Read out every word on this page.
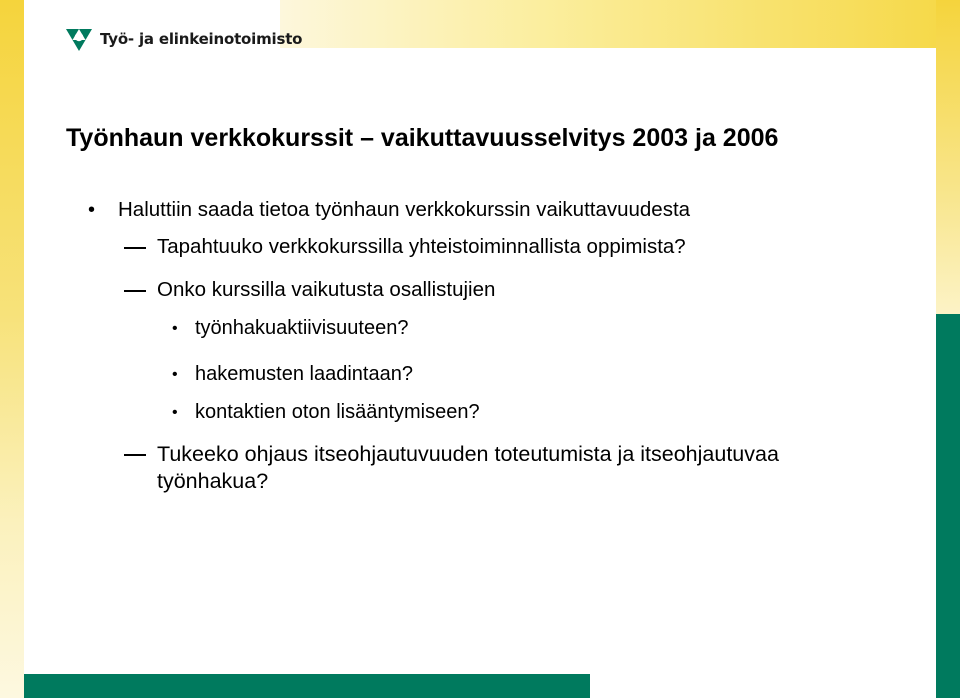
Työ- ja elinkeinotoimisto
Työnhaun verkkokurssit – vaikuttavuusselvitys 2003 ja 2006
• Haluttiin saada tietoa työnhaun verkkokurssin vaikuttavuudesta
Tapahtuuko verkkokurssilla yhteistoiminnallista oppimista?
Onko kurssilla vaikutusta osallistujien
• työnhakuaktiivisuuteen?
• hakemusten laadintaan?
• kontaktien oton lisääntymiseen?
Tukeeko ohjaus itseohjautuvuuden toteutumista ja itseohjautuvaa työnhakua?
